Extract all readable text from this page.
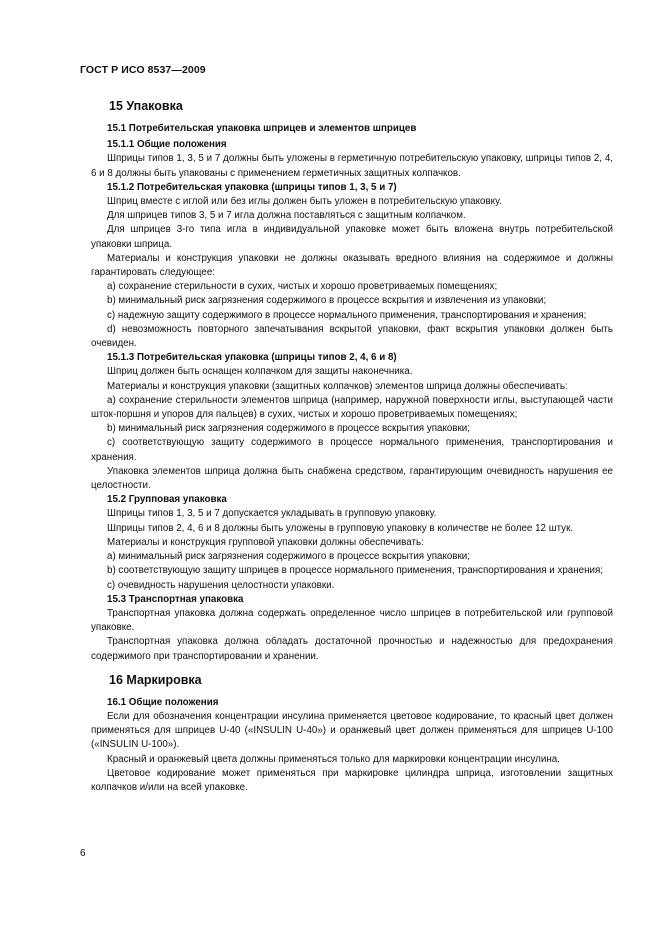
ГОСТ Р ИСО 8537—2009
15 Упаковка
15.1 Потребительская упаковка шприцев и элементов шприцев
15.1.1 Общие положения

Шприцы типов 1, 3, 5 и 7 должны быть уложены в герметичную потребительскую упаковку, шприцы типов 2, 4, 6 и 8 должны быть упакованы с применением герметичных защитных колпачков.

15.1.2 Потребительская упаковка (шприцы типов 1, 3, 5 и 7)

Шприц вместе с иглой или без иглы должен быть уложен в потребительскую упаковку.

Для шприцев типов 3, 5 и 7 игла должна поставляться с защитным колпачком.

Для шприцев 3-го типа игла в индивидуальной упаковке может быть вложена внутрь потребительской упаковки шприца.

Материалы и конструкция упаковки не должны оказывать вредного влияния на содержимое и должны гарантировать следующее:

a) сохранение стерильности в сухих, чистых и хорошо проветриваемых помещениях;

b) минимальный риск загрязнения содержимого в процессе вскрытия и извлечения из упаковки;

c) надежную защиту содержимого в процессе нормального применения, транспортирования и хранения;

d) невозможность повторного запечатывания вскрытой упаковки, факт вскрытия упаковки должен быть очевиден.

15.1.3 Потребительская упаковка (шприцы типов 2, 4, 6 и 8)

Шприц должен быть оснащен колпачком для защиты наконечника.

Материалы и конструкция упаковки (защитных колпачков) элементов шприца должны обеспечивать:

a) сохранение стерильности элементов шприца (например, наружной поверхности иглы, выступающей части шток-поршня и упоров для пальцев) в сухих, чистых и хорошо проветриваемых помещениях;

b) минимальный риск загрязнения содержимого в процессе вскрытия упаковки;

c) соответствующую защиту содержимого в процессе нормального применения, транспортирования и хранения.

Упаковка элементов шприца должна быть снабжена средством, гарантирующим очевидность нарушения ее целостности.

15.2 Групповая упаковка

Шприцы типов 1, 3, 5 и 7 допускается укладывать в групповую упаковку.

Шприцы типов 2, 4, 6 и 8 должны быть уложены в групповую упаковку в количестве не более 12 штук.

Материалы и конструкция групповой упаковки должны обеспечивать:

a) минимальный риск загрязнения содержимого в процессе вскрытия упаковки;

b) соответствующую защиту шприцев в процессе нормального применения, транспортирования и хранения;

c) очевидность нарушения целостности упаковки.

15.3 Транспортная упаковка

Транспортная упаковка должна содержать определенное число шприцев в потребительской или групповой упаковке.

Транспортная упаковка должна обладать достаточной прочностью и надежностью для предохранения содержимого при транспортировании и хранении.

16 Маркировка
16.1 Общие положения

Если для обозначения концентрации инсулина применяется цветовое кодирование, то красный цвет должен применяться для шприцев U-40 («INSULIN U-40») и оранжевый цвет должен применяться для шприцев U-100 («INSULIN U-100»).

Красный и оранжевый цвета должны применяться только для маркировки концентрации инсулина.

Цветовое кодирование может применяться при маркировке цилиндра шприца, изготовлении защитных колпачков и/или на всей упаковке.

6
